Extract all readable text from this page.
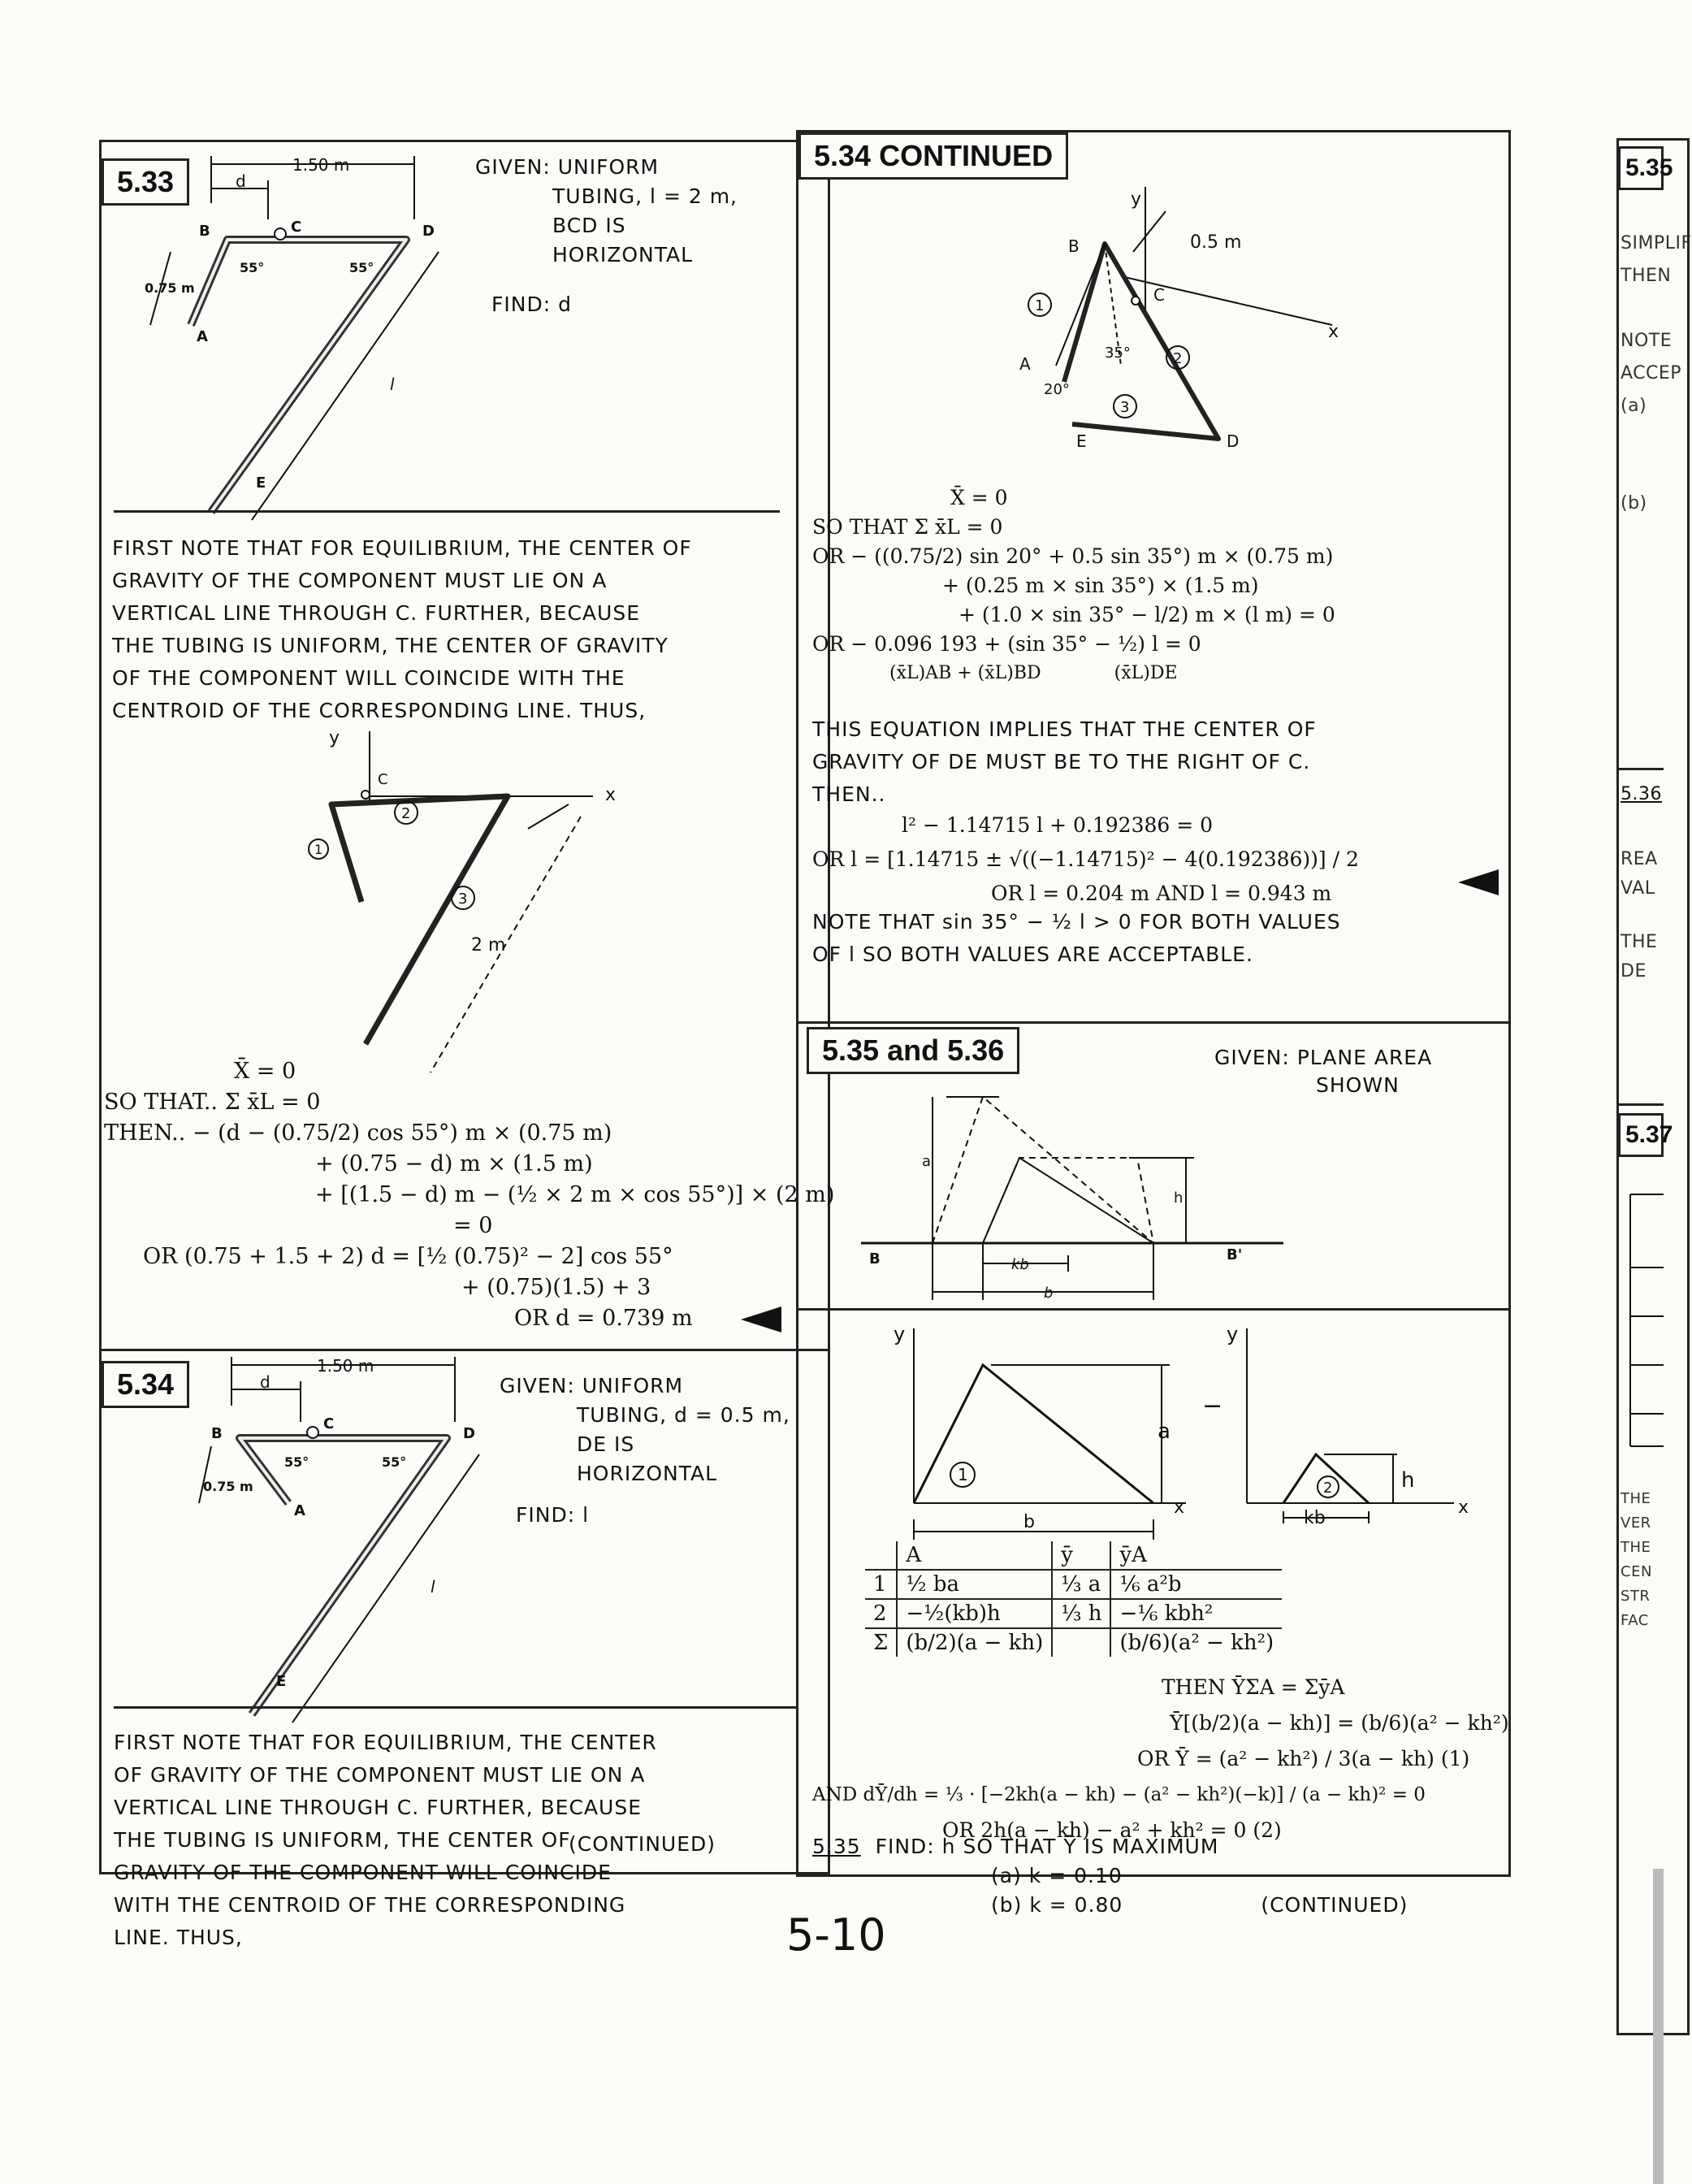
5.33	1.50 m
d
B	C	D
55°	55°
0.75 m
A
l
E
GIVEN: UNIFORM
TUBING, l = 2 m,
BCD IS
HORIZONTAL
FIND: d
FIRST NOTE THAT FOR EQUILIBRIUM, THE CENTER OF
GRAVITY OF THE COMPONENT MUST LIE ON A
VERTICAL LINE THROUGH C. FURTHER, BECAUSE
THE TUBING IS UNIFORM, THE CENTER OF GRAVITY
OF THE COMPONENT WILL COINCIDE WITH THE
CENTROID OF THE CORRESPONDING LINE. THUS,
y
C
2
1
3
x
2 m
X̄ = 0
SO THAT.. Σ x̄L = 0
THEN.. − (d − (0.75/2) cos 55°) m × (0.75 m)
+ (0.75 − d) m × (1.5 m)
+ [(1.5 − d) m − (½ × 2 m × cos 55°)] × (2 m)
= 0
OR (0.75 + 1.5 + 2) d = [½ (0.75)² − 2] cos 55°
+ (0.75)(1.5) + 3
OR d = 0.739 m
5.34
1.50 m
d
B
C
D
55°	55°
0.75 m
A
l
E
GIVEN: UNIFORM
TUBING, d = 0.5 m,
DE IS
HORIZONTAL
FIND: l
FIRST NOTE THAT FOR EQUILIBRIUM, THE CENTER
OF GRAVITY OF THE COMPONENT MUST LIE ON A
VERTICAL LINE THROUGH C. FURTHER, BECAUSE
THE TUBING IS UNIFORM, THE CENTER OF
GRAVITY OF THE COMPONENT WILL COINCIDE
WITH THE CENTROID OF THE CORRESPONDING
LINE. THUS,
(CONTINUED)
5.34 CONTINUED
y
0.5 m
B
C
x
1
A
35°	2
20°
3
E	D
X̄ = 0
SO THAT Σ x̄L = 0
OR − ((0.75/2) sin 20° + 0.5 sin 35°) m × (0.75 m)
+ (0.25 m × sin 35°) × (1.5 m)
+ (1.0 × sin 35° − l/2) m × (l m) = 0
OR − 0.096 193 + (sin 35° − ½) l = 0
(x̄L)AB + (x̄L)BD	(x̄L)DE
THIS EQUATION IMPLIES THAT THE CENTER OF
GRAVITY OF DE MUST BE TO THE RIGHT OF C.
THEN..
l² − 1.14715 l + 0.192386 = 0
OR l = [1.14715 ± √((−1.14715)² − 4(0.192386))] / 2
OR l = 0.204 m AND l = 0.943 m
NOTE THAT sin 35° − ½ l > 0 FOR BOTH VALUES
OF l SO BOTH VALUES ARE ACCEPTABLE.
5.35 and 5.36	GIVEN: PLANE AREA
SHOWN
a
h
B	B'
kb
b
y
1
a
x
b
−
y
2	h
kb
x
	A	ȳ	ȳA
1	½ ba	⅓ a	⅙ a²b
2	−½(kb)h	⅓ h	−⅙ kbh²
Σ	(b/2)(a − kh)		(b/6)(a² − kh²)
THEN ȲΣA = ΣȳA
Ȳ[(b/2)(a − kh)] = (b/6)(a² − kh²)
OR Ȳ = (a² − kh²) / 3(a − kh) (1)
AND dȲ/dh = ⅓ · [−2kh(a − kh) − (a² − kh²)(−k)] / (a − kh)² = 0
OR 2h(a − kh) − a² + kh² = 0 (2)
5.35 FIND: h SO THAT Ȳ IS MAXIMUM
(a) k = 0.10
(b) k = 0.80	(CONTINUED)
5.35
SIMPLIF
THEN
NOTE
ACCEP
(a)
(b)
5.36
REA
VAL
THE
DE
5.37
THE
VER
THE
CEN
STR
FAC
5-10
